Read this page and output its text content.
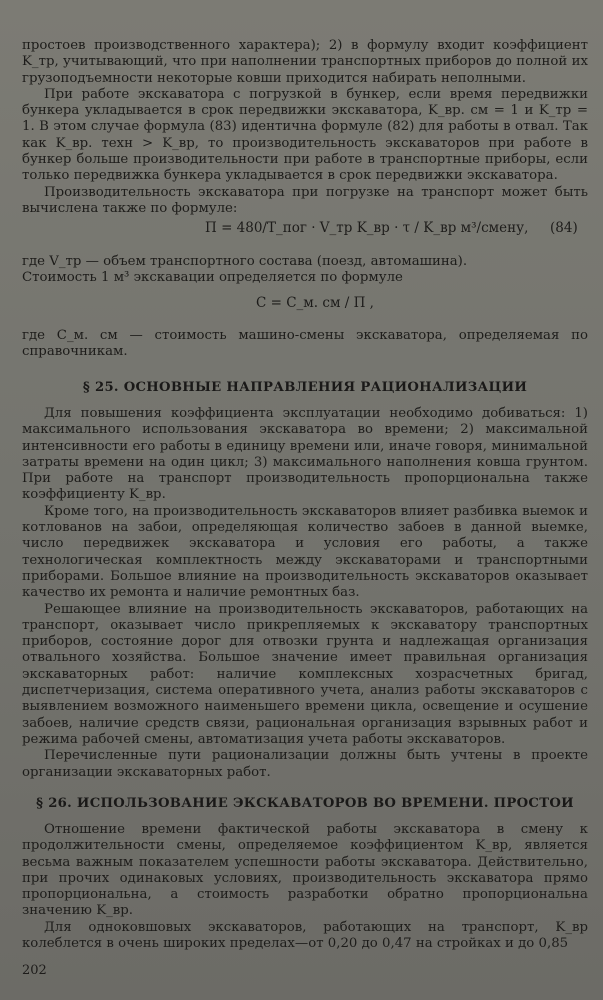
простоев производственного характера); 2) в формулу входит коэффициент K_тр, учитывающий, что при наполнении транспортных приборов до полной их грузоподъемности некоторые ковши приходится набирать неполными.

При работе экскаватора с погрузкой в бункер, если время передвижки бункера укладывается в срок передвижки экскаватора, K_вр. см = 1 и K_тр = 1. В этом случае формула (83) идентична формуле (82) для работы в отвал. Так как K_вр. техн > K_вр, то производительность экскаваторов при работе в бункер больше производительности при работе в транспортные приборы, если только передвижка бункера укладывается в срок передвижки экскаватора.

Производительность экскаватора при погрузке на транспорт может быть вычислена также по формуле:

П = 480/T_пог · V_тр K_вр · τ / K_вр м³/смену, (84)

где V_тр — объем транспортного состава (поезд, автомашина).

Стоимость 1 м³ экскавации определяется по формуле

С = С_м. см / П ,

где С_м. см — стоимость машино-смены экскаватора, определяемая по справочникам.

§ 25. ОСНОВНЫЕ НАПРАВЛЕНИЯ РАЦИОНАЛИЗАЦИИ

Для повышения коэффициента эксплуатации необходимо добиваться: 1) максимального использования экскаватора во времени; 2) максимальной интенсивности его работы в единицу времени или, иначе говоря, минимальной затраты времени на один цикл; 3) максимального наполнения ковша грунтом. При работе на транспорт производительность пропорциональна также коэффициенту K_вр.

Кроме того, на производительность экскаваторов влияет разбивка выемок и котлованов на забои, определяющая количество забоев в данной выемке, число передвижек экскаватора и условия его работы, а также технологическая комплектность между экскаваторами и транспортными приборами. Большое влияние на производительность экскаваторов оказывает качество их ремонта и наличие ремонтных баз.

Решающее влияние на производительность экскаваторов, работающих на транспорт, оказывает число прикрепляемых к экскаватору транспортных приборов, состояние дорог для отвозки грунта и надлежащая организация отвального хозяйства. Большое значение имеет правильная организация экскаваторных работ: наличие комплексных хозрасчетных бригад, диспетчеризация, система оперативного учета, анализ работы экскаваторов с выявлением возможного наименьшего времени цикла, освещение и осушение забоев, наличие средств связи, рациональная организация взрывных работ и режима рабочей смены, автоматизация учета работы экскаваторов.

Перечисленные пути рационализации должны быть учтены в проекте организации экскаваторных работ.

§ 26. ИСПОЛЬЗОВАНИЕ ЭКСКАВАТОРОВ ВО ВРЕМЕНИ. ПРОСТОИ

Отношение времени фактической работы экскаватора в смену к продолжительности смены, определяемое коэффициентом K_вр, является весьма важным показателем успешности работы экскаватора. Действительно, при прочих одинаковых условиях, производительность экскаватора прямо пропорциональна, а стоимость разработки обратно пропорциональна значению K_вр.

Для одноковшовых экскаваторов, работающих на транспорт, K_вр колеблется в очень широких пределах—от 0,20 до 0,47 на стройках и до 0,85

202
